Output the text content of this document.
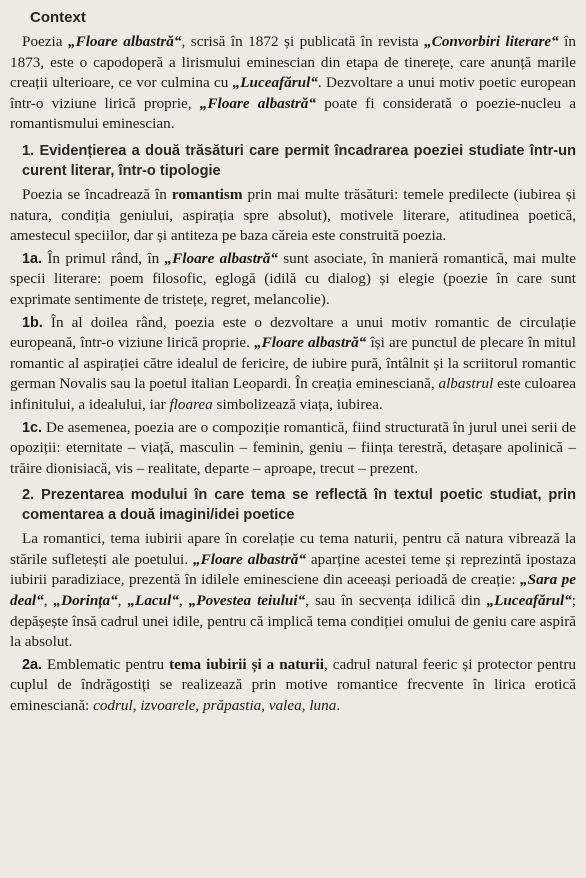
Context

Poezia „Floare albastră“, scrisă în 1872 și publicată în revista „Convorbiri literare“ în 1873, este o capodoperă a lirismului eminescian din etapa de tinerețe, care anunță marile creații ulterioare, ce vor culmina cu „Luceafărul“. Dezvoltare a unui motiv poetic european într-o viziune lirică proprie, „Floare albastră“ poate fi considerată o poezie-nucleu a romantismului eminescian.

1. Evidențierea a două trăsături care permit încadrarea poeziei studiate într-un curent literar, într-o tipologie

Poezia se încadrează în romantism prin mai multe trăsături: temele predilecte (iubirea și natura, condiția geniului, aspirația spre absolut), motivele literare, atitudinea poetică, amestecul speciilor, dar și antiteza pe baza căreia este construită poezia.

1a. În primul rând, în „Floare albastră“ sunt asociate, în manieră romantică, mai multe specii literare: poem filosofic, eglogă (idilă cu dialog) și elegie (poezie în care sunt exprimate sentimente de tristețe, regret, melancolie).

1b. În al doilea rând, poezia este o dezvoltare a unui motiv romantic de circulație europeană, într-o viziune lirică proprie. „Floare albastră“ își are punctul de plecare în mitul romantic al aspirației către idealul de fericire, de iubire pură, întâlnit și la scriitorul romantic german Novalis sau la poetul italian Leopardi. În creația eminesciană, albastrul este culoarea infinitului, a idealului, iar floarea simbolizează viața, iubirea.

1c. De asemenea, poezia are o compoziție romantică, fiind structurată în jurul unei serii de opoziții: eternitate – viață, masculin – feminin, geniu – ființa terestră, detașare apolinică – trăire dionisiacă, vis – realitate, departe – aproape, trecut – prezent.

2. Prezentarea modului în care tema se reflectă în textul poetic studiat, prin comentarea a două imagini/idei poetice

La romantici, tema iubirii apare în corelație cu tema naturii, pentru că natura vibrează la stările sufletești ale poetului. „Floare albastră“ aparține acestei teme și reprezintă ipostaza iubirii paradiziace, prezentă în idilele eminesciene din aceeași perioadă de creație: „Sara pe deal“, „Dorința“, „Lacul“, „Povestea teiului“, sau în secvența idilică din „Luceafărul“; depășește însă cadrul unei idile, pentru că implică tema condiției omului de geniu care aspiră la absolut.

2a. Emblematic pentru tema iubirii și a naturii, cadrul natural feeric și protector pentru cuplul de îndrăgostiți se realizează prin motive romantice frecvente în lirica erotică eminesciană: codrul, izvoarele, prăpastia, valea, luna.
